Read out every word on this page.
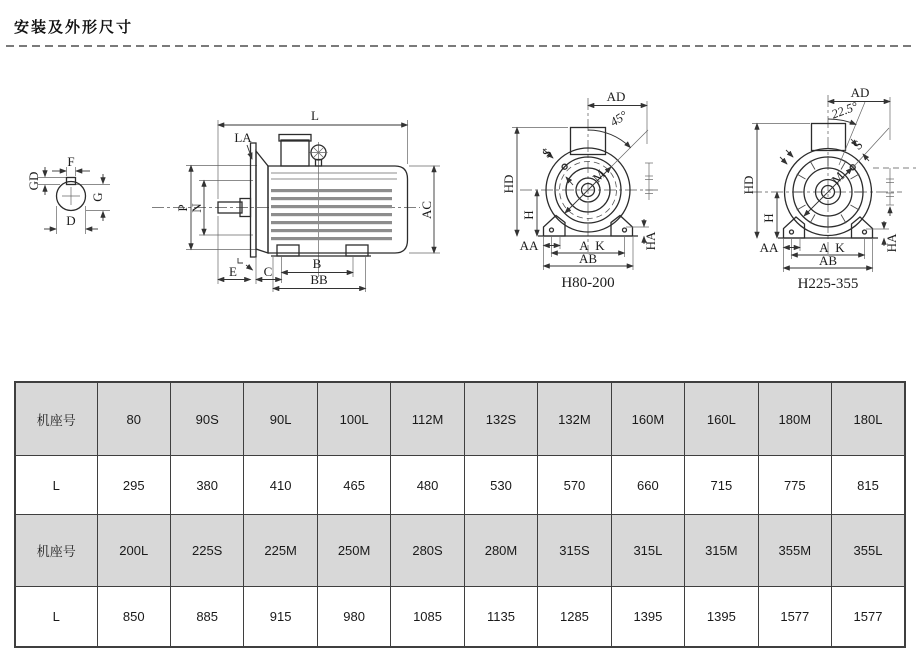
安装及外形尺寸
F
GD
G
D
L
LA
P N	AC
B
BB
E C
AD
45°
S
M
HD
H
AA	A K
AB
HA
H80-200
AD
22.5°
S
M
HD
H
AA	A K
AB
HA
H225-355
机座号	80	90S	90L	100L	112M	132S	132M	160M	160L	180M	180L
L	295	380	410	465	480	530	570	660	715	775	815
机座号	200L	225S	225M	250M	280S	280M	315S	315L	315M	355M	355L
L	850	885	915	980	1085	1135	1285	1395	1395	1577	1577
